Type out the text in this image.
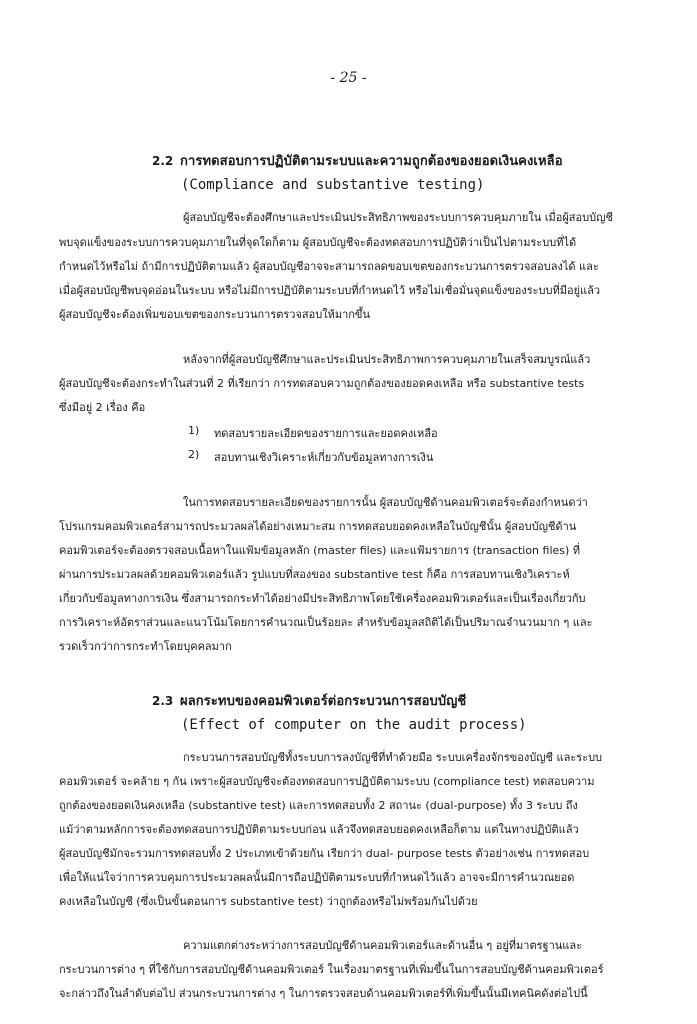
- 25 -
2.2 การทดสอบการปฏิบัติตามระบบและความถูกต้องของยอดเงินคงเหลือ
(Compliance and substantive testing)
ผู้สอบบัญชีจะต้องศึกษาและประเมินประสิทธิภาพของระบบการควบคุมภายใน เมื่อผู้สอบบัญชี
พบจุดแข็งของระบบการควบคุมภายในที่จุดใดก็ตาม ผู้สอบบัญชีจะต้องทดสอบการปฏิบัติว่าเป็นไปตามระบบที่ได้
กำหนดไว้หรือไม่ ถ้ามีการปฏิบัติตามแล้ว ผู้สอบบัญชีอาจจะสามารถลดขอบเขตของกระบวนการตรวจสอบลงได้ และ
เมื่อผู้สอบบัญชีพบจุดอ่อนในระบบ หรือไม่มีการปฏิบัติตามระบบที่กำหนดไว้ หรือไม่เชื่อมั่นจุดแข็งของระบบที่มีอยู่แล้ว
ผู้สอบบัญชีจะต้องเพิ่มขอบเขตของกระบวนการตรวจสอบให้มากขึ้น
หลังจากที่ผู้สอบบัญชีศึกษาและประเมินประสิทธิภาพการควบคุมภายในเสร็จสมบูรณ์แล้ว
ผู้สอบบัญชีจะต้องกระทำในส่วนที่ 2 ที่เรียกว่า การทดสอบความถูกต้องของยอดคงเหลือ หรือ substantive tests
ซึ่งมีอยู่ 2 เรื่อง คือ
1) ทดสอบรายละเอียดของรายการและยอดคงเหลือ
2) สอบทานเชิงวิเคราะห์เกี่ยวกับข้อมูลทางการเงิน
ในการทดสอบรายละเอียดของรายการนั้น ผู้สอบบัญชีด้านคอมพิวเตอร์จะต้องกำหนดว่า
โปรแกรมคอมพิวเตอร์สามารถประมวลผลได้อย่างเหมาะสม การทดสอบยอดคงเหลือในบัญชีนั้น ผู้สอบบัญชีด้าน
คอมพิวเตอร์จะต้องตรวจสอบเนื้อหาในแฟ้มข้อมูลหลัก (master files) และแฟ้มรายการ (transaction files) ที่
ผ่านการประมวลผลด้วยคอมพิวเตอร์แล้ว รูปแบบที่สองของ substantive test ก็คือ การสอบทานเชิงวิเคราะห์
เกี่ยวกับข้อมูลทางการเงิน ซึ่งสามารถกระทำได้อย่างมีประสิทธิภาพโดยใช้เครื่องคอมพิวเตอร์และเป็นเรื่องเกี่ยวกับ
การวิเคราะห์อัตราส่วนและแนวโน้มโดยการคำนวณเป็นร้อยละ สำหรับข้อมูลสถิติได้เป็นปริมาณจำนวนมาก ๆ และ
รวดเร็วกว่าการกระทำโดยบุคคลมาก
2.3 ผลกระทบของคอมพิวเตอร์ต่อกระบวนการสอบบัญชี
(Effect of computer on the audit process)
กระบวนการสอบบัญชีทั้งระบบการลงบัญชีที่ทำด้วยมือ ระบบเครื่องจักรของบัญชี และระบบ
คอมพิวเตอร์ จะคล้าย ๆ กัน เพราะผู้สอบบัญชีจะต้องทดสอบการปฏิบัติตามระบบ (compliance test) ทดสอบความ
ถูกต้องของยอดเงินคงเหลือ (substantive test) และการทดสอบทั้ง 2 สถานะ (dual-purpose) ทั้ง 3 ระบบ ถึง
แม้ว่าตามหลักการจะต้องทดสอบการปฏิบัติตามระบบก่อน แล้วจึงทดสอบยอดคงเหลือก็ตาม แต่ในทางปฏิบัติแล้ว
ผู้สอบบัญชีมักจะรวมการทดสอบทั้ง 2 ประเภทเข้าด้วยกัน เรียกว่า dual- purpose tests ตัวอย่างเช่น การทดสอบ
เพื่อให้แน่ใจว่าการควบคุมการประมวลผลนั้นมีการถือปฏิบัติตามระบบที่กำหนดไว้แล้ว อาจจะมีการคำนวณยอด
คงเหลือในบัญชี (ซึ่งเป็นขั้นตอนการ substantive test) ว่าถูกต้องหรือไม่พร้อมกันไปด้วย
ความแตกต่างระหว่างการสอบบัญชีด้านคอมพิวเตอร์และด้านอื่น ๆ อยู่ที่มาตรฐานและ
กระบวนการต่าง ๆ ที่ใช้กับการสอบบัญชีด้านคอมพิวเตอร์ ในเรื่องมาตรฐานที่เพิ่มขึ้นในการสอบบัญชีด้านคอมพิวเตอร์
จะกล่าวถึงในลำดับต่อไป ส่วนกระบวนการต่าง ๆ ในการตรวจสอบด้านคอมพิวเตอร์ที่เพิ่มขึ้นนั้นมีเทคนิคดังต่อไปนี้
